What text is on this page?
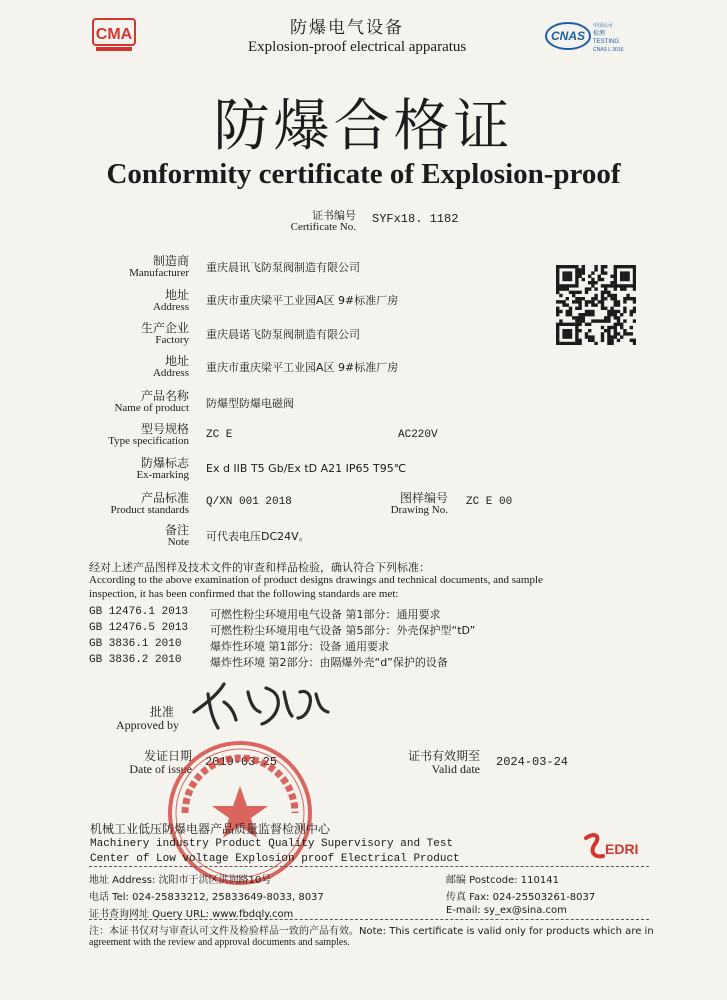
CMA	防爆电气设备
Explosion-proof electrical apparatus
CNAS
中国认可
检测
TESTING
CNAS L 3016
防爆合格证
Conformity certificate of Explosion-proof
证书编号
Certificate No.
SYFx18. 1182
制造商
Manufacturer 重庆晨讯飞防泵阀制造有限公司
地址
Address 重庆市重庆梁平工业园A区 9#标准厂房
生产企业
Factory 重庆晨诺飞防泵阀制造有限公司
地址
Address 重庆市重庆梁平工业园A区 9#标准厂房
产品名称
Name of product 防爆型防爆电磁阀
型号规格
Type specification ZC E	AC220V
防爆标志
Ex-marking Ex d IIB T5 Gb/Ex tD A21 IP65 T95℃
产品标准
Product standards
Q/XN 001 2018	图样编号
Drawing No.
ZC E 00
备注
Note 可代表电压DC24V。
经对上述产品图样及技术文件的审查和样品检验，确认符合下列标准：
According to the above examination of product designs drawings and technical documents, and sample
inspection, it has been confirmed that the following standards are met:
GB 12476.1 2013 可燃性粉尘环境用电气设备 第1部分：通用要求
GB 12476.5 2013 可燃性粉尘环境用电气设备 第5部分：外壳保护型“tD”
GB 3836.1 2010	爆炸性环境 第1部分：设备 通用要求
GB 3836.2 2010	爆炸性环境 第2部分：由隔爆外壳“d”保护的设备
批准
Approved by
发证日期
Date of issue 2019-03-25	证书有效期至
Valid date 2024-03-24
机械工业低压防爆电器产品质量监督检测中心
Machinery industry Product Quality Supervisory and Test
Center of Low voltage Explosion proof Electrical Product
EDRI
地址 Address: 沈阳市于洪区洪润路10号	邮编 Postcode: 110141
电话 Tel: 024-25833212, 25833649-8033, 8037	传真 Fax: 024-25503261-8037
证书查询网址 Query URL: www.fbdqly.com	E-mail: sy_ex@sina.com
注：本证书仅对与审查认可文件及检验样品一致的产品有效。Note: This certificate is valid only for products which are in
agreement with the review and approval documents and samples.
